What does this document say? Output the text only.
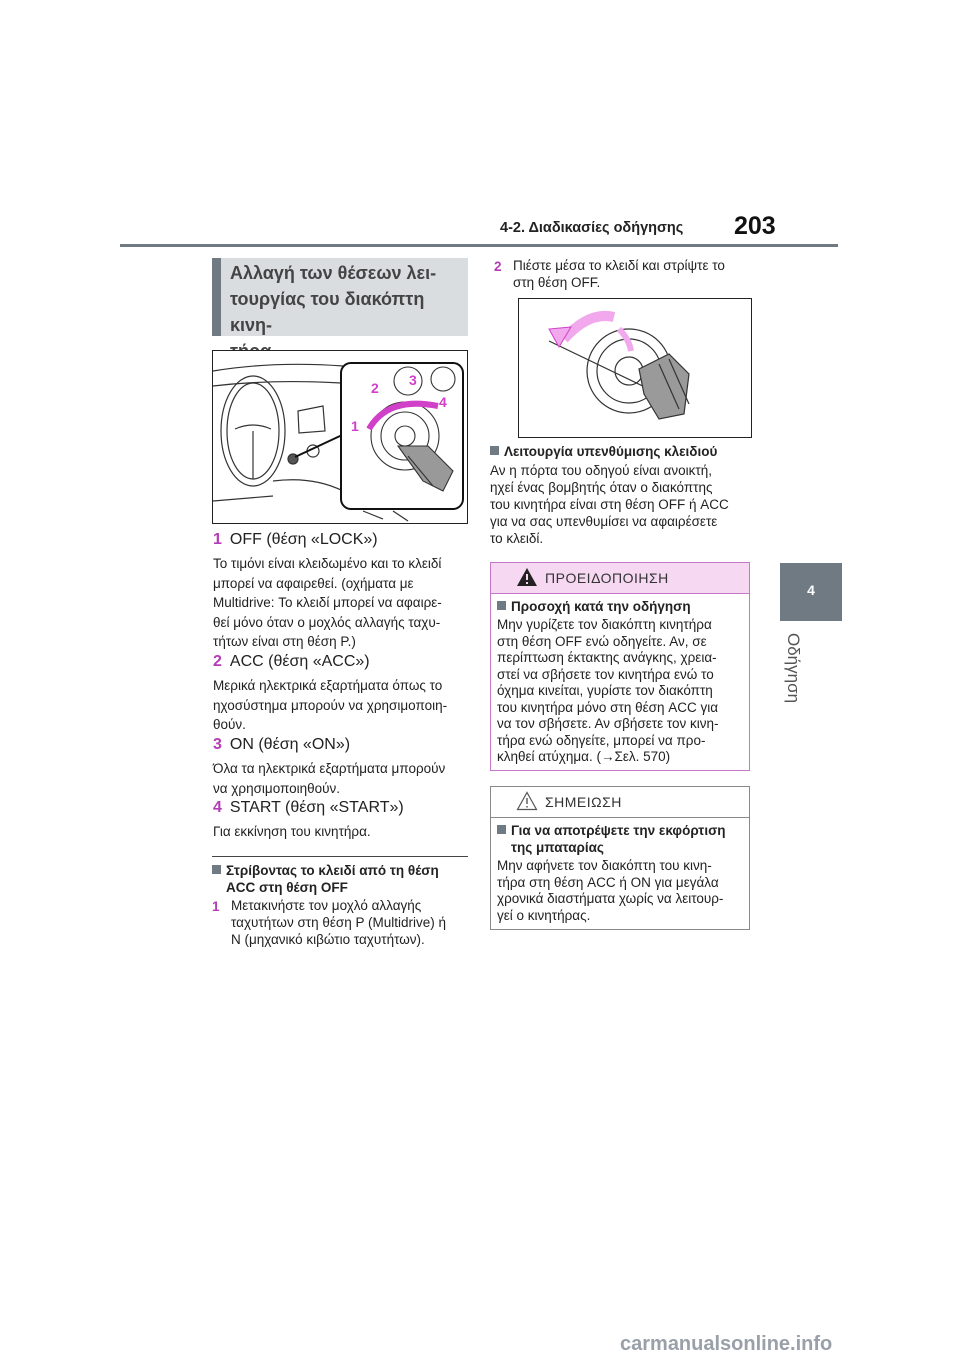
4-2. Διαδικασίες οδήγησης 203
4
Οδήγηση
Αλλαγή των θέσεων λει-
τουργίας του διακόπτη κινη-
1
2 3
4
1 OFF (θέση «LOCK»)
Το τιμόνι είναι κλειδωμένο και το κλειδί
μπορεί να αφαιρεθεί. (οχήματα με
Multidrive: Το κλειδί μπορεί να αφαιρε-
θεί μόνο όταν ο μοχλός αλλαγής ταχυ-
τήτων είναι στη θέση P.)
2 ACC (θέση «ACC»)
Μερικά ηλεκτρικά εξαρτήματα όπως το
ηχοσύστημα μπορούν να χρησιμοποιη-
θούν.
3 ON (θέση «ON»)
Όλα τα ηλεκτρικά εξαρτήματα μπορούν
να χρησιμοποιηθούν.
4 START (θέση «START»)
Για εκκίνηση του κινητήρα.
Στρίβοντας το κλειδί από τη θέση
ACC στη θέση OFF
1 Μετακινήστε τον μοχλό αλλαγής
ταχυτήτων στη θέση P (Multidrive) ή
N (μηχανικό κιβώτιο ταχυτήτων).
2 Πιέστε μέσα το κλειδί και στρίψτε το
στη θέση OFF.
Λειτουργία υπενθύμισης κλειδιού
Αν η πόρτα του οδηγού είναι ανοικτή,
ηχεί ένας βομβητής όταν ο διακόπτης
του κινητήρα είναι στη θέση OFF ή ACC
για να σας υπενθυμίσει να αφαιρέσετε
το κλειδί.
ΠΡΟΕΙΔΟΠΟΙΗΣΗ
Προσοχή κατά την οδήγηση
Μην γυρίζετε τον διακόπτη κινητήρα
στη θέση OFF ενώ οδηγείτε. Αν, σε
περίπτωση έκτακτης ανάγκης, χρεια-
στεί να σβήσετε τον κινητήρα ενώ το
όχημα κινείται, γυρίστε τον διακόπτη
του κινητήρα μόνο στη θέση ACC για
να τον σβήσετε. Αν σβήσετε τον κινη-
τήρα ενώ οδηγείτε, μπορεί να προ-
κληθεί ατύχημα. (→Σελ. 570)
ΣΗΜΕΙΩΣΗ
Για να αποτρέψετε την εκφόρτιση
της μπαταρίας
Μην αφήνετε τον διακόπτη του κινη-
τήρα στη θέση ACC ή ON για μεγάλα
χρονικά διαστήματα χωρίς να λειτουρ-
γεί ο κινητήρας.
carmanualsonline.info
